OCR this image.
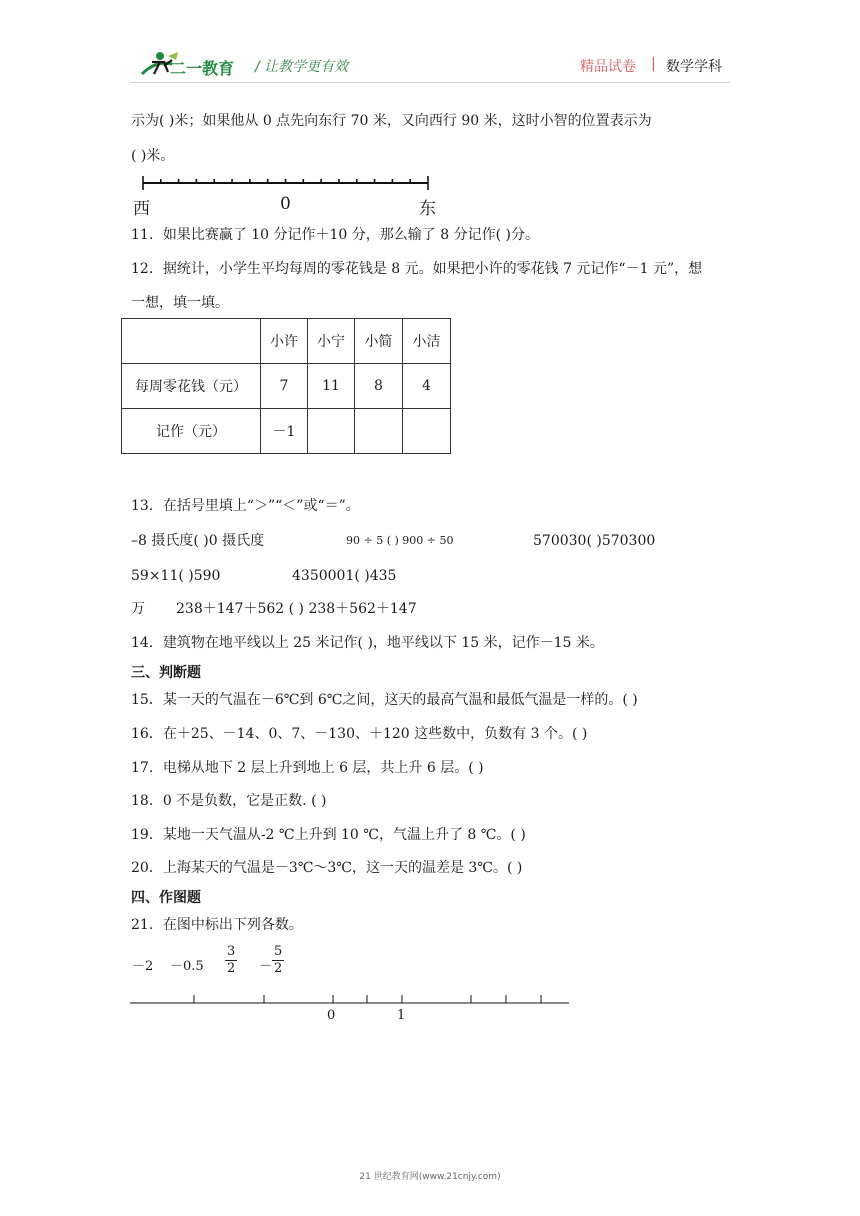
二一教育 / 让教学更有效	精品试卷 | 数学学科
示为( )米；如果他从 0 点先向东行 70 米，又向西行 90 米，这时小智的位置表示为
( )米。
西	0	东
11．如果比赛赢了 10 分记作＋10 分，那么输了 8 分记作( )分。
12．据统计，小学生平均每周的零花钱是 8 元。如果把小许的零花钱 7 元记作“－1 元”，想
一想，填一填。
	小许	小宁	小简	小洁
每周零花钱（元）	7	11	8	4
记作（元）	－1			
13．在括号里填上“＞”“＜”或“＝”。
–8 摄氏度( )0 摄氏度	90 ÷ 5 ( ) 900 ÷ 50	570030( )570300
59×11( )590	4350001( )435
万 238＋147＋562 ( ) 238＋562＋147
14．建筑物在地平线以上 25 米记作( )，地平线以下 15 米，记作－15 米。
三、判断题
15．某一天的气温在－6℃到 6℃之间，这天的最高气温和最低气温是一样的。( )
16．在＋25、－14、0、7、－130、＋120 这些数中，负数有 3 个。( )
17．电梯从地下 2 层上升到地上 6 层，共上升 6 层。( )
18．0 不是负数，它是正数. ( )
19．某地一天气温从-2 ℃上升到 10 ℃，气温上升了 8 ℃。( )
20．上海某天的气温是－3℃～3℃，这一天的温差是 3℃。( )
四、作图题
21．在图中标出下列各数。
$-2 -0.5 \frac{3}{2} - \frac{5}{2}$
0	1
21 世纪教育网(www.21cnjy.com)
